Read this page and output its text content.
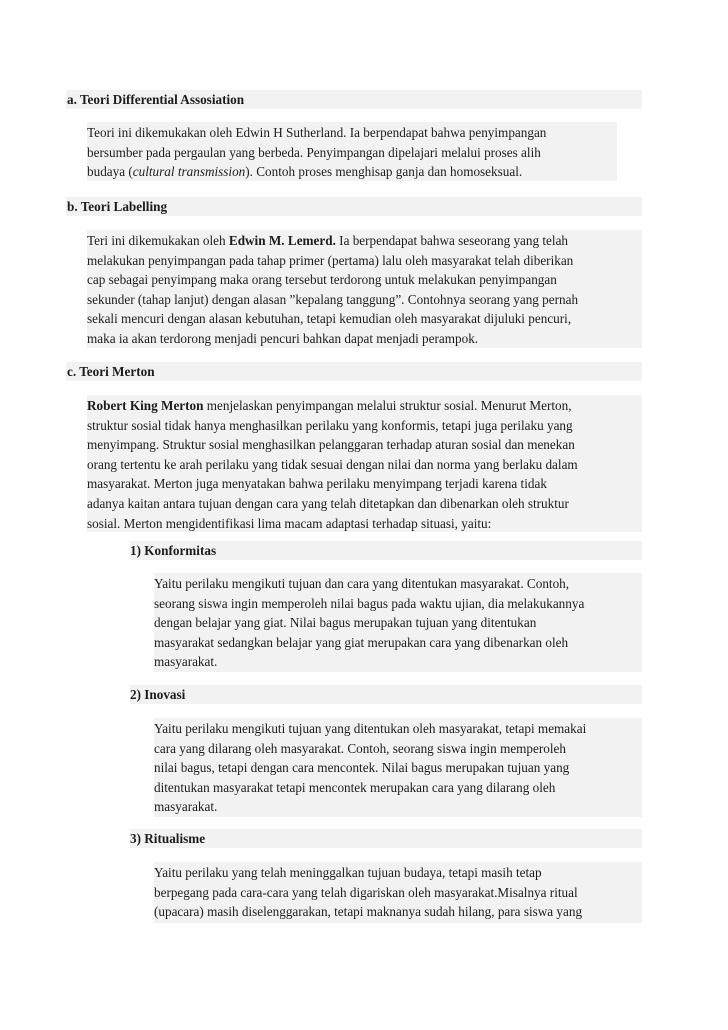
a. Teori Differential Assosiation
Teori ini dikemukakan oleh Edwin H Sutherland. Ia berpendapat bahwa penyimpangan
bersumber pada pergaulan yang berbeda. Penyimpangan dipelajari melalui proses alih
budaya (cultural transmission). Contoh proses menghisap ganja dan homoseksual.
b. Teori Labelling
Teri ini dikemukakan oleh Edwin M. Lemerd. Ia berpendapat bahwa seseorang yang telah
melakukan penyimpangan pada tahap primer (pertama) lalu oleh masyarakat telah diberikan
cap sebagai penyimpang maka orang tersebut terdorong untuk melakukan penyimpangan
sekunder (tahap lanjut) dengan alasan ”kepalang tanggung”. Contohnya seorang yang pernah
sekali mencuri dengan alasan kebutuhan, tetapi kemudian oleh masyarakat dijuluki pencuri,
maka ia akan terdorong menjadi pencuri bahkan dapat menjadi perampok.
c. Teori Merton
Robert King Merton menjelaskan penyimpangan melalui struktur sosial. Menurut Merton,
struktur sosial tidak hanya menghasilkan perilaku yang konformis, tetapi juga perilaku yang
menyimpang. Struktur sosial menghasilkan pelanggaran terhadap aturan sosial dan menekan
orang tertentu ke arah perilaku yang tidak sesuai dengan nilai dan norma yang berlaku dalam
masyarakat. Merton juga menyatakan bahwa perilaku menyimpang terjadi karena tidak
adanya kaitan antara tujuan dengan cara yang telah ditetapkan dan dibenarkan oleh struktur
sosial. Merton mengidentifikasi lima macam adaptasi terhadap situasi, yaitu:
1) Konformitas
Yaitu perilaku mengikuti tujuan dan cara yang ditentukan masyarakat. Contoh,
seorang siswa ingin memperoleh nilai bagus pada waktu ujian, dia melakukannya
dengan belajar yang giat. Nilai bagus merupakan tujuan yang ditentukan
masyarakat sedangkan belajar yang giat merupakan cara yang dibenarkan oleh
masyarakat.
2) Inovasi
Yaitu perilaku mengikuti tujuan yang ditentukan oleh masyarakat, tetapi memakai
cara yang dilarang oleh masyarakat. Contoh, seorang siswa ingin memperoleh
nilai bagus, tetapi dengan cara mencontek. Nilai bagus merupakan tujuan yang
ditentukan masyarakat tetapi mencontek merupakan cara yang dilarang oleh
masyarakat.
3) Ritualisme
Yaitu perilaku yang telah meninggalkan tujuan budaya, tetapi masih tetap
berpegang pada cara-cara yang telah digariskan oleh masyarakat.Misalnya ritual
(upacara) masih diselenggarakan, tetapi maknanya sudah hilang, para siswa yang
